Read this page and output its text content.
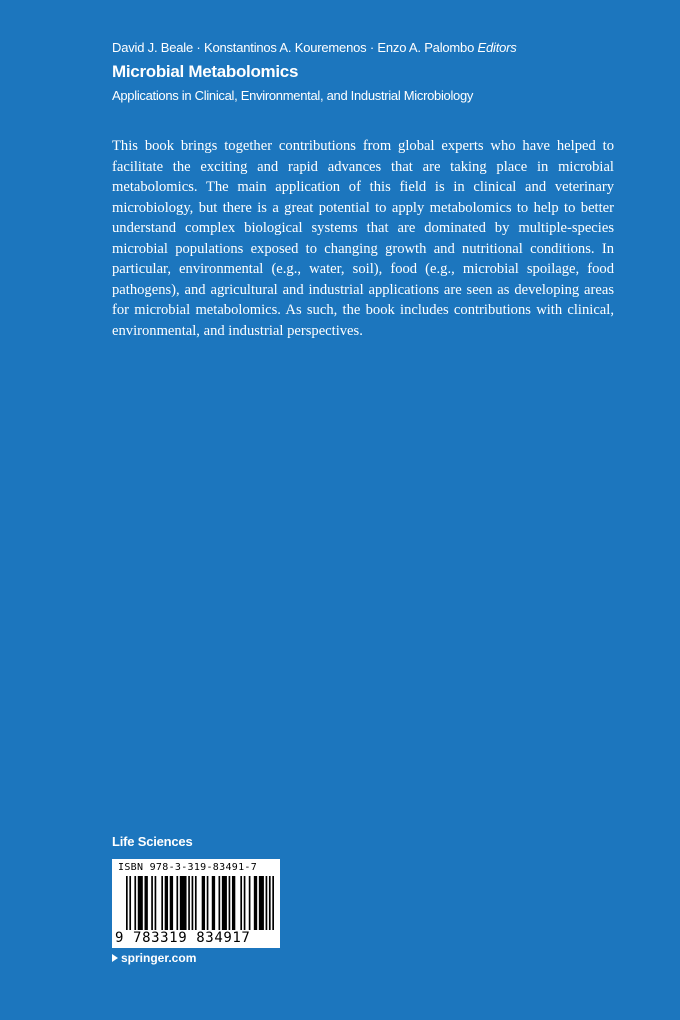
David J. Beale · Konstantinos A. Kouremenos · Enzo A. Palombo Editors
Microbial Metabolomics
Applications in Clinical, Environmental, and Industrial Microbiology

This book brings together contributions from global experts who have helped to facilitate the exciting and rapid advances that are taking place in microbial metabolomics. The main application of this field is in clinical and veterinary microbiology, but there is a great potential to apply metabolomics to help to better understand complex biological systems that are dominated by multiple-species microbial populations exposed to changing growth and nutritional conditions. In particular, environmental (e.g., water, soil), food (e.g., microbial spoilage, food pathogens), and agricultural and industrial applications are seen as developing areas for microbial metabolomics. As such, the book includes contributions with clinical, environmental, and industrial perspectives.

Life Sciences
ISBN 978-3-319-83491-7
9 783319 834917
springer.com
